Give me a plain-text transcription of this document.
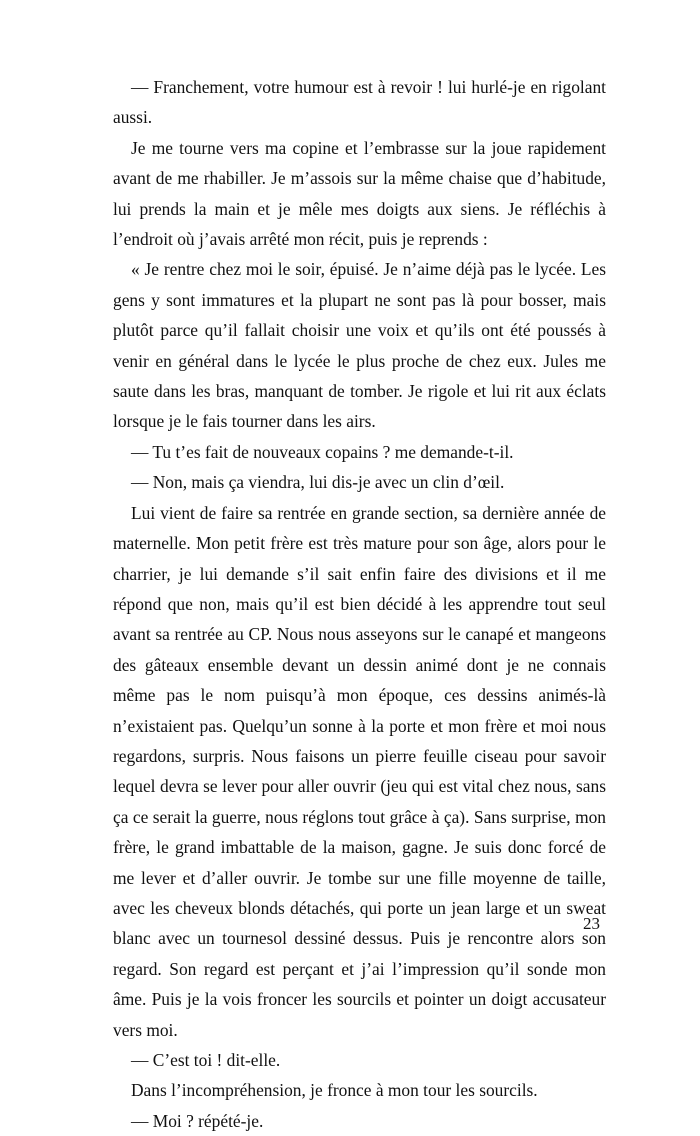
— Franchement, votre humour est à revoir ! lui hurlé-je en rigolant aussi.

Je me tourne vers ma copine et l’embrasse sur la joue rapidement avant de me rhabiller. Je m’assois sur la même chaise que d’habitude, lui prends la main et je mêle mes doigts aux siens. Je réfléchis à l’endroit où j’avais arrêté mon récit, puis je reprends :

« Je rentre chez moi le soir, épuisé. Je n’aime déjà pas le lycée. Les gens y sont immatures et la plupart ne sont pas là pour bosser, mais plutôt parce qu’il fallait choisir une voix et qu’ils ont été poussés à venir en général dans le lycée le plus proche de chez eux. Jules me saute dans les bras, manquant de tomber. Je rigole et lui rit aux éclats lorsque je le fais tourner dans les airs.

— Tu t’es fait de nouveaux copains ? me demande-t-il.

— Non, mais ça viendra, lui dis-je avec un clin d’œil.

Lui vient de faire sa rentrée en grande section, sa dernière année de maternelle. Mon petit frère est très mature pour son âge, alors pour le charrier, je lui demande s’il sait enfin faire des divisions et il me répond que non, mais qu’il est bien décidé à les apprendre tout seul avant sa rentrée au CP. Nous nous asseyons sur le canapé et mangeons des gâteaux ensemble devant un dessin animé dont je ne connais même pas le nom puisqu’à mon époque, ces dessins animés-là n’existaient pas. Quelqu’un sonne à la porte et mon frère et moi nous regardons, surpris. Nous faisons un pierre feuille ciseau pour savoir lequel devra se lever pour aller ouvrir (jeu qui est vital chez nous, sans ça ce serait la guerre, nous réglons tout grâce à ça). Sans surprise, mon frère, le grand imbattable de la maison, gagne. Je suis donc forcé de me lever et d’aller ouvrir. Je tombe sur une fille moyenne de taille, avec les cheveux blonds détachés, qui porte un jean large et un sweat blanc avec un tournesol dessiné dessus. Puis je rencontre alors son regard. Son regard est perçant et j’ai l’impression qu’il sonde mon âme. Puis je la vois froncer les sourcils et pointer un doigt accusateur vers moi.

— C’est toi ! dit-elle.

Dans l’incompréhension, je fronce à mon tour les sourcils.

— Moi ? répété-je.

23
